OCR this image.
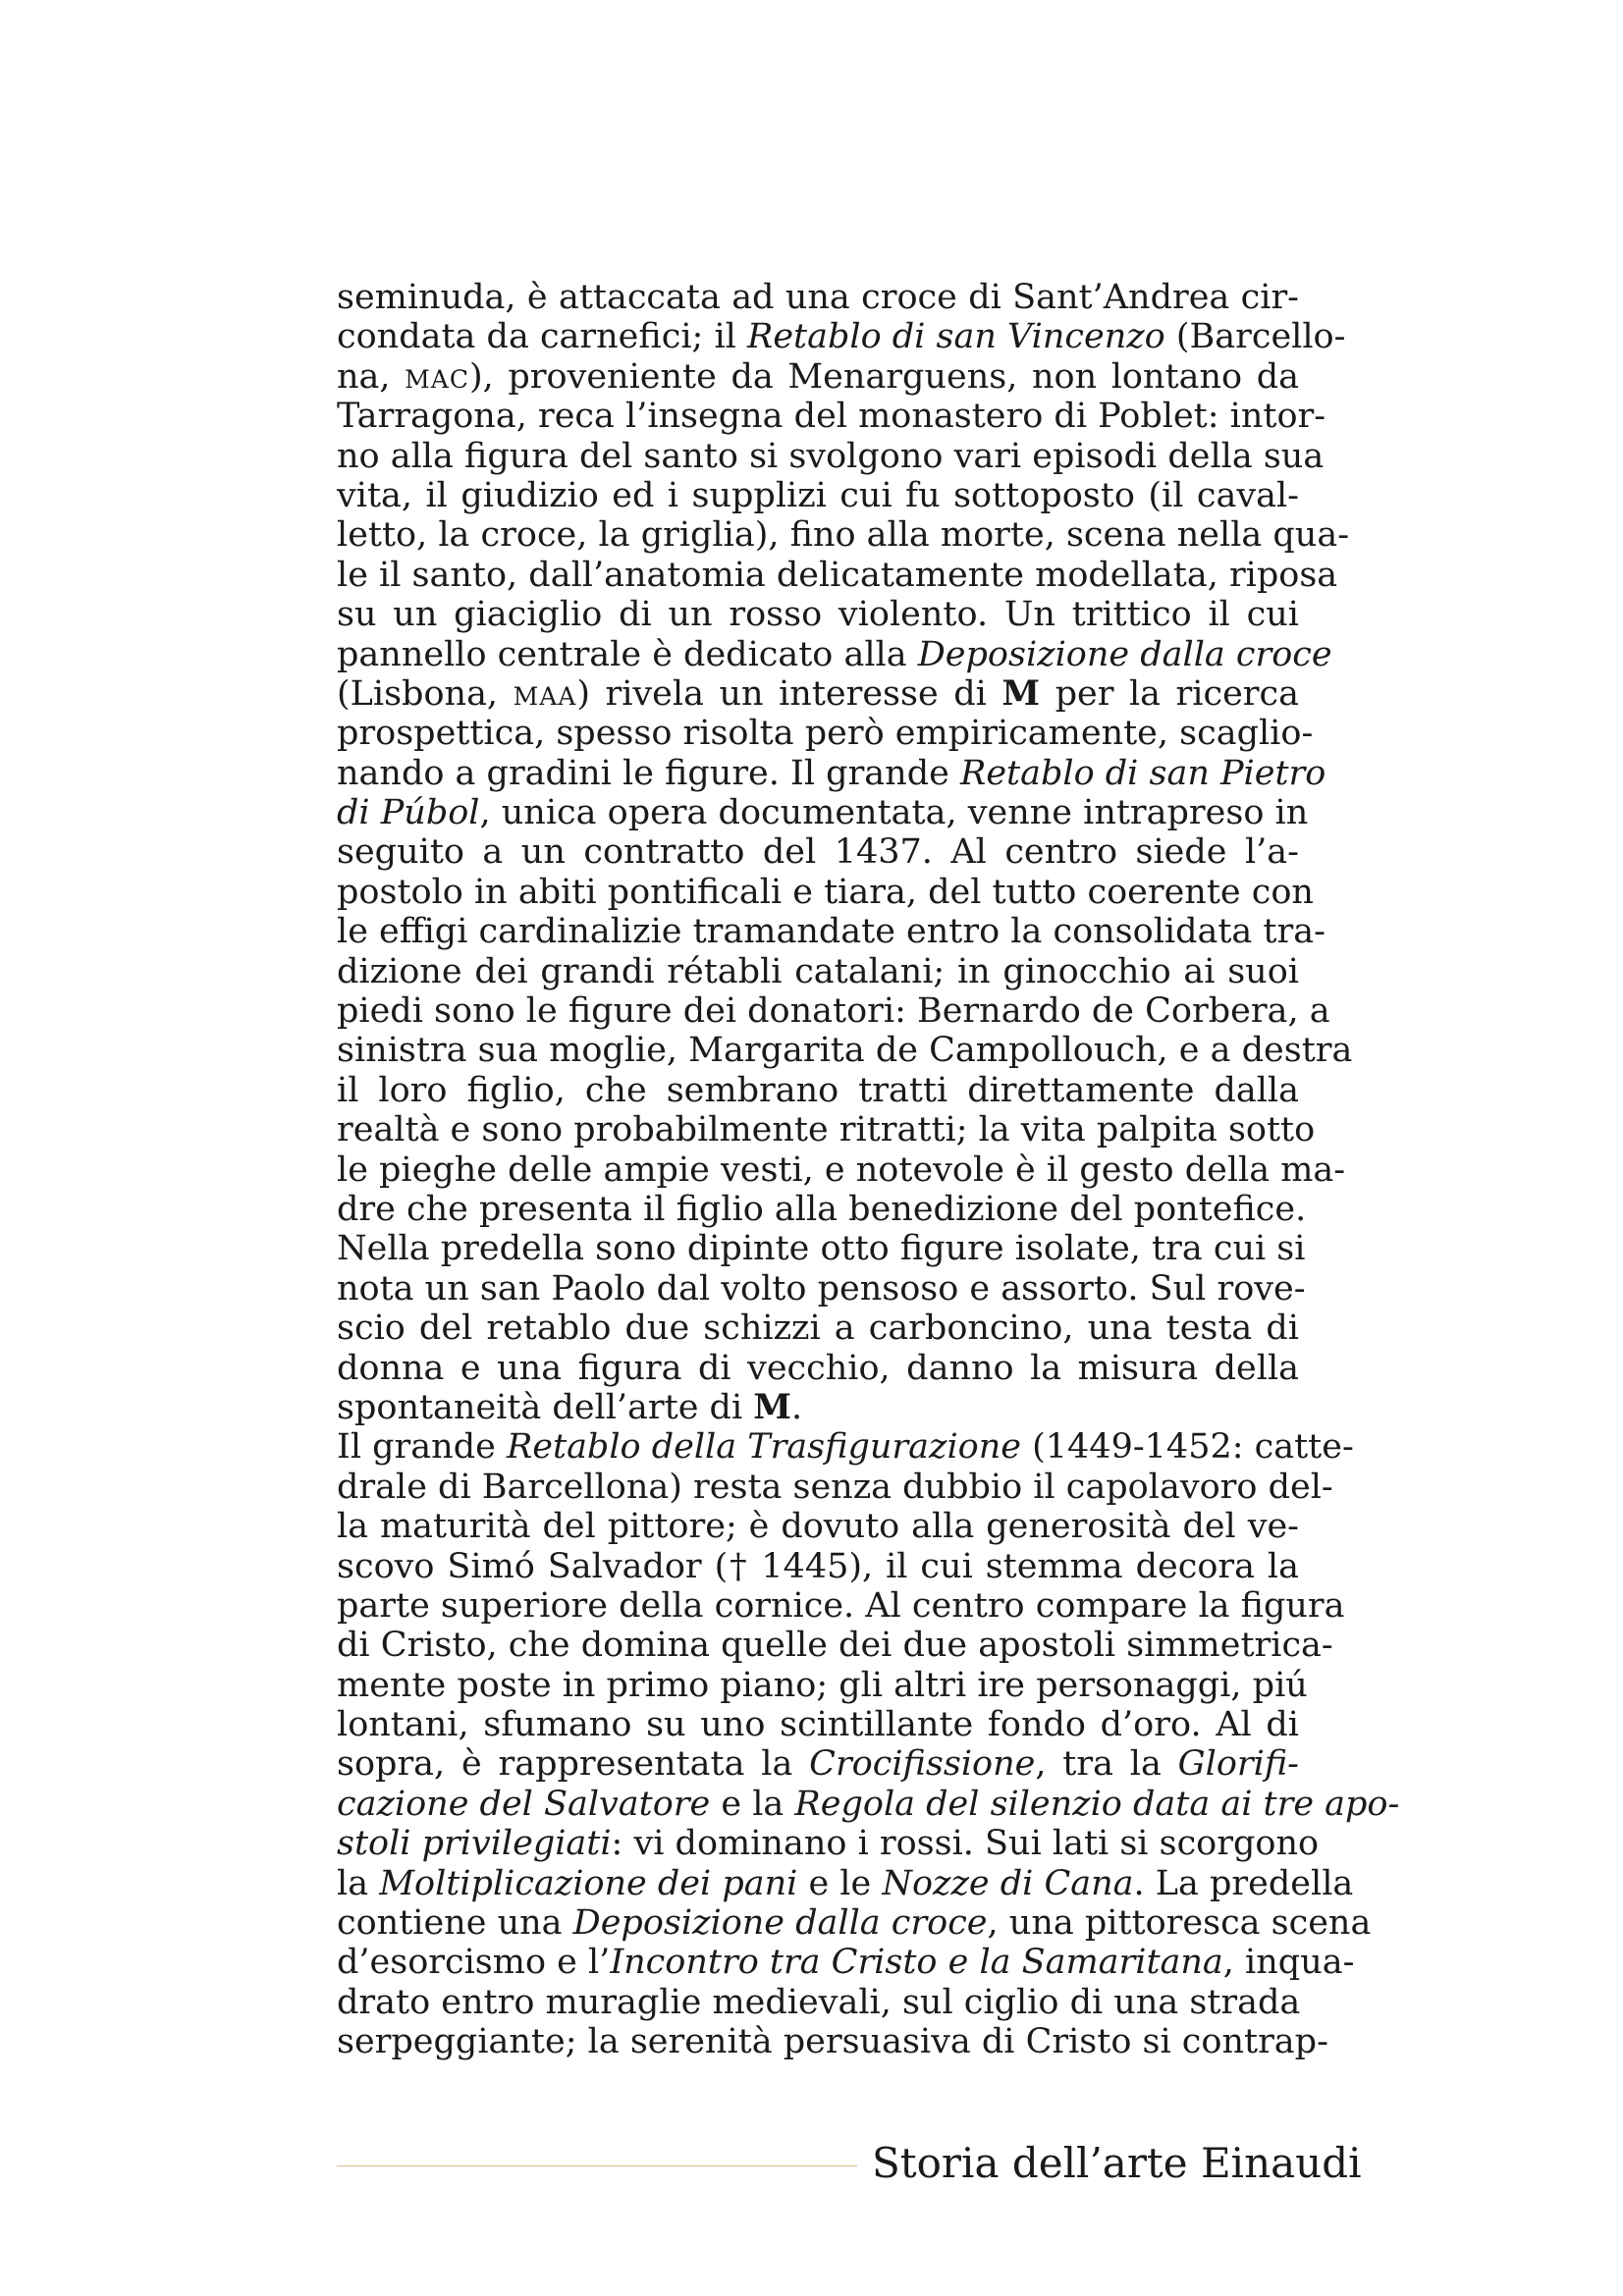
seminuda, è attaccata ad una croce di Sant’Andrea cir-
condata da carnefici; il Retablo di san Vincenzo (Barcello-
na, mac), proveniente da Menarguens, non lontano da
Tarragona, reca l’insegna del monastero di Poblet: intor-
no alla figura del santo si svolgono vari episodi della sua
vita, il giudizio ed i supplizi cui fu sottoposto (il caval-
letto, la croce, la griglia), fino alla morte, scena nella qua-
le il santo, dall’anatomia delicatamente modellata, riposa
su un giaciglio di un rosso violento. Un trittico il cui
pannello centrale è dedicato alla Deposizione dalla croce
(Lisbona, maa) rivela un interesse di M per la ricerca
prospettica, spesso risolta però empiricamente, scaglio-
nando a gradini le figure. Il grande Retablo di san Pietro
di Púbol, unica opera documentata, venne intrapreso in
seguito a un contratto del 1437. Al centro siede l’a-
postolo in abiti pontificali e tiara, del tutto coerente con
le effigi cardinalizie tramandate entro la consolidata tra-
dizione dei grandi rétabli catalani; in ginocchio ai suoi
piedi sono le figure dei donatori: Bernardo de Corbera, a
sinistra sua moglie, Margarita de Campollouch, e a destra
il loro figlio, che sembrano tratti direttamente dalla
realtà e sono probabilmente ritratti; la vita palpita sotto
le pieghe delle ampie vesti, e notevole è il gesto della ma-
dre che presenta il figlio alla benedizione del pontefice.
Nella predella sono dipinte otto figure isolate, tra cui si
nota un san Paolo dal volto pensoso e assorto. Sul rove-
scio del retablo due schizzi a carboncino, una testa di
donna e una figura di vecchio, danno la misura della
spontaneità dell’arte di M.
Il grande Retablo della Trasfigurazione (1449-1452: catte-
drale di Barcellona) resta senza dubbio il capolavoro del-
la maturità del pittore; è dovuto alla generosità del ve-
scovo Simó Salvador († 1445), il cui stemma decora la
parte superiore della cornice. Al centro compare la figura
di Cristo, che domina quelle dei due apostoli simmetrica-
mente poste in primo piano; gli altri ire personaggi, piú
lontani, sfumano su uno scintillante fondo d’oro. Al di
sopra, è rappresentata la Crocifissione, tra la Glorifi-
cazione del Salvatore e la Regola del silenzio data ai tre apo-
stoli privilegiati: vi dominano i rossi. Sui lati si scorgono
la Moltiplicazione dei pani e le Nozze di Cana. La predella
contiene una Deposizione dalla croce, una pittoresca scena
d’esorcismo e l’Incontro tra Cristo e la Samaritana, inqua-
drato entro muraglie medievali, sul ciglio di una strada
serpeggiante; la serenità persuasiva di Cristo si contrap-
Storia dell’arte Einaudi
